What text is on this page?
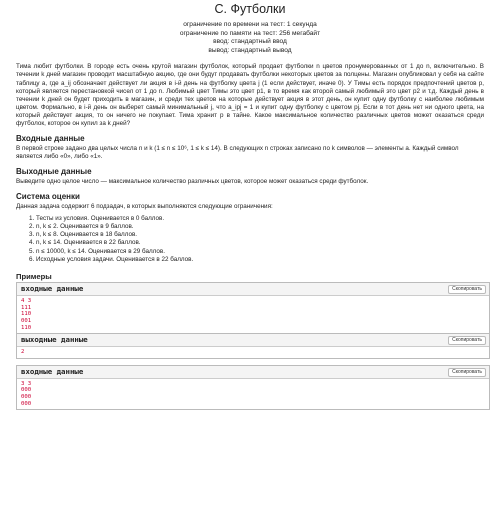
C. Футболки
ограничение по времени на тест: 1 секунда
ограничение по памяти на тест: 256 мегабайт
ввод: стандартный ввод
вывод: стандартный вывод
Тима любит футболки. В городе есть очень крутой магазин футболок, который продает футболки n цветов пронумерованных от 1 до n, включительно. В течении k дней магазин проводит масштабную акцию, где они будут продавать футболки некоторых цветов за полцены. Магазин опубликовал у себя на сайте таблицу a, где a_ij обозначает действует ли акция в i-й день на футболку цвета j (1 если действует, иначе 0). У Тимы есть порядок предпочтений цветов p, который является перестановкой чисел от 1 до n. Любимый цвет Тимы это цвет p1, в то время как второй самый любимый это цвет p2 и т.д. Каждый день в течении k дней он будет приходить в магазин, и среди тех цветов на которые действует акция в этот день, он купит одну футболку с наиболее любимым цветом. Формально, в i-й день он выберет самый минимальный j, что a_ipj = 1 и купит одну футболку с цветом pj. Если в тот день нет ни одного цвета, на который действует акция, то он ничего не покупает. Тима хранит p в тайне. Какое максимальное количество различных цветов может оказаться среди футболок, которое он купил за k дней?
Входные данные
В первой строке задано два целых числа n и k (1 ≤ n ≤ 10⁶, 1 ≤ k ≤ 14). В следующих n строках записано по k символов — элементы a. Каждый символ является либо «0», либо «1».
Выходные данные
Выведите одно целое число — максимальное количество различных цветов, которое может оказаться среди футболок.
Система оценки
Данная задача содержит 6 подзадач, в которых выполняются следующие ограничения:
1. Тесты из условия. Оценивается в 0 баллов.
2. n, k ≤ 2. Оценивается в 9 баллов.
3. n, k ≤ 8. Оценивается в 18 баллов.
4. n, k ≤ 14. Оценивается в 22 баллов.
5. n ≤ 10000, k ≤ 14. Оценивается в 29 баллов.
6. Исходные условия задачи. Оценивается в 22 баллов.
Примеры
входные данные	Скопировать
4 3
111
110
001
110

выходные данные	Скопировать
2
входные данные	Скопировать
3 3
000
000
000
